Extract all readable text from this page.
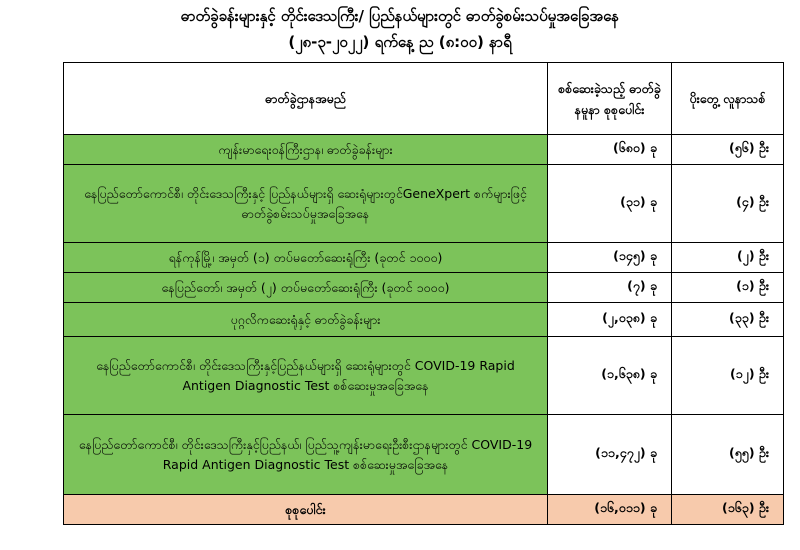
ဓာတ်ခွဲခန်းများနှင့် တိုင်းဒေသကြီး/ ပြည်နယ်များတွင် ဓာတ်ခွဲစမ်းသပ်မှုအခြေအနေ
(၂၈-၃-၂၀၂၂) ရက်နေ့ ည (၈:၀၀) နာရီ
ဓာတ်ခွဲဌာနအမည်	စစ်ဆေးခဲ့သည့် ဓာတ်ခွဲနမူနာ စုစုပေါင်း	ပိုးတွေ့ လူနာသစ်
ကျန်းမာရေးဝန်ကြီးဌာန၊ ဓာတ်ခွဲခန်းများ	(၆၈၀) ခု	(၅၆) ဦး
နေပြည်တော်ကောင်စီ၊ တိုင်းဒေသကြီးနှင့် ပြည်နယ်များရှိ ဆေးရုံများတွင်GeneXpert စက်များဖြင့် ဓာတ်ခွဲစမ်းသပ်မှုအခြေအနေ	(၃၁) ခု	(၄) ဦး
ရန်ကုန်မြို့၊ အမှတ် (၁) တပ်မတော်ဆေးရုံကြီး (ခုတင် ၁၀၀၀)	(၁၄၅) ခု	(၂) ဦး
နေပြည်တော်၊ အမှတ် (၂) တပ်မတော်ဆေးရုံကြီး (ခုတင် ၁၀၀၀)	(၇) ခု	(၁) ဦး
ပုဂ္ဂလိကဆေးရုံနှင့် ဓာတ်ခွဲခန်းများ	(၂,၀၃၈) ခု	(၃၃) ဦး
နေပြည်တော်ကောင်စီ၊ တိုင်းဒေသကြီးနှင့်ပြည်နယ်များရှိ ဆေးရုံများတွင် COVID-19 Rapid Antigen Diagnostic Test စစ်ဆေးမှုအခြေအနေ	(၁,၆၃၈) ခု	(၁၂) ဦး
နေပြည်တော်ကောင်စီ၊ တိုင်းဒေသကြီးနှင့်ပြည်နယ်၊ ပြည်သူ့ကျန်းမာရေးဦးစီးဌာနများတွင် COVID-19 Rapid Antigen Diagnostic Test စစ်ဆေးမှုအခြေအနေ	(၁၁,၄၇၂) ခု	(၅၅) ဦး
စုစုပေါင်း	(၁၆,၀၁၁) ခု	(၁၆၃) ဦး
